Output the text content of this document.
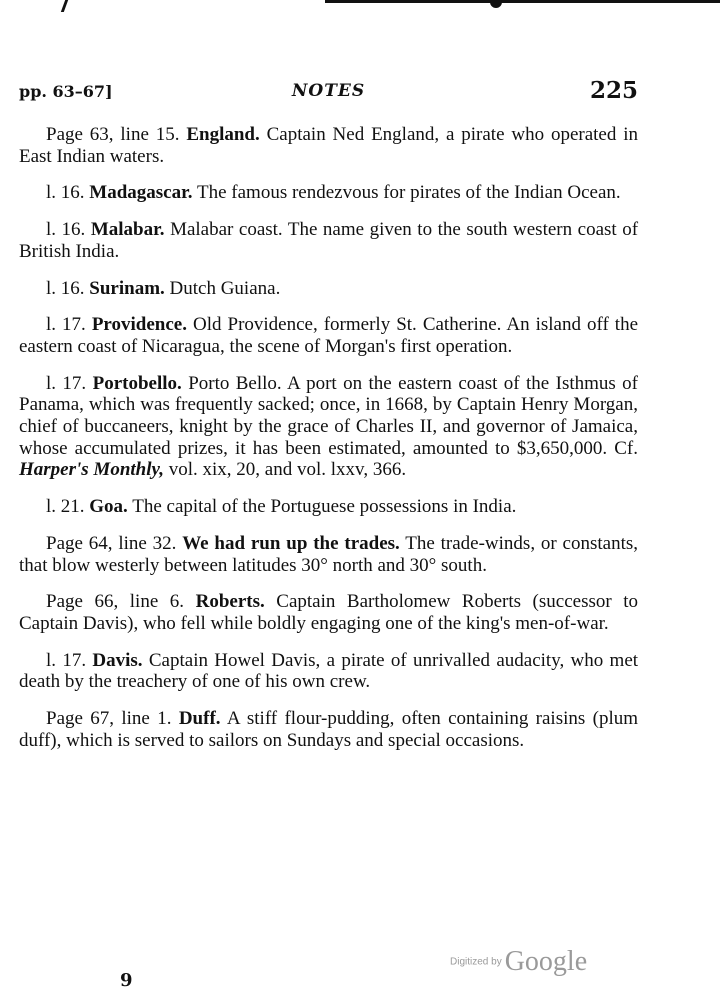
pp. 63–67]	NOTES	225

Page 63, line 15. England. Captain Ned England, a pirate who operated in East Indian waters.

l. 16. Madagascar. The famous rendezvous for pirates of the Indian Ocean.

l. 16. Malabar. Malabar coast. The name given to the south western coast of British India.

l. 16. Surinam. Dutch Guiana.

l. 17. Providence. Old Providence, formerly St. Catherine. An island off the eastern coast of Nicaragua, the scene of Morgan's first operation.

l. 17. Portobello. Porto Bello. A port on the eastern coast of the Isthmus of Panama, which was frequently sacked; once, in 1668, by Captain Henry Morgan, chief of buccaneers, knight by the grace of Charles II, and governor of Jamaica, whose accumulated prizes, it has been estimated, amounted to $3,650,000. Cf. Harper's Monthly, vol. xix, 20, and vol. lxxv, 366.

l. 21. Goa. The capital of the Portuguese possessions in India.

Page 64, line 32. We had run up the trades. The trade-winds, or constants, that blow westerly between latitudes 30° north and 30° south.

Page 66, line 6. Roberts. Captain Bartholomew Roberts (successor to Captain Davis), who fell while boldly engaging one of the king's men-of-war.

l. 17. Davis. Captain Howel Davis, a pirate of unrivalled audacity, who met death by the treachery of one of his own crew.

Page 67, line 1. Duff. A stiff flour-pudding, often containing raisins (plum duff), which is served to sailors on Sundays and special occasions.

9
Digitized by Google
